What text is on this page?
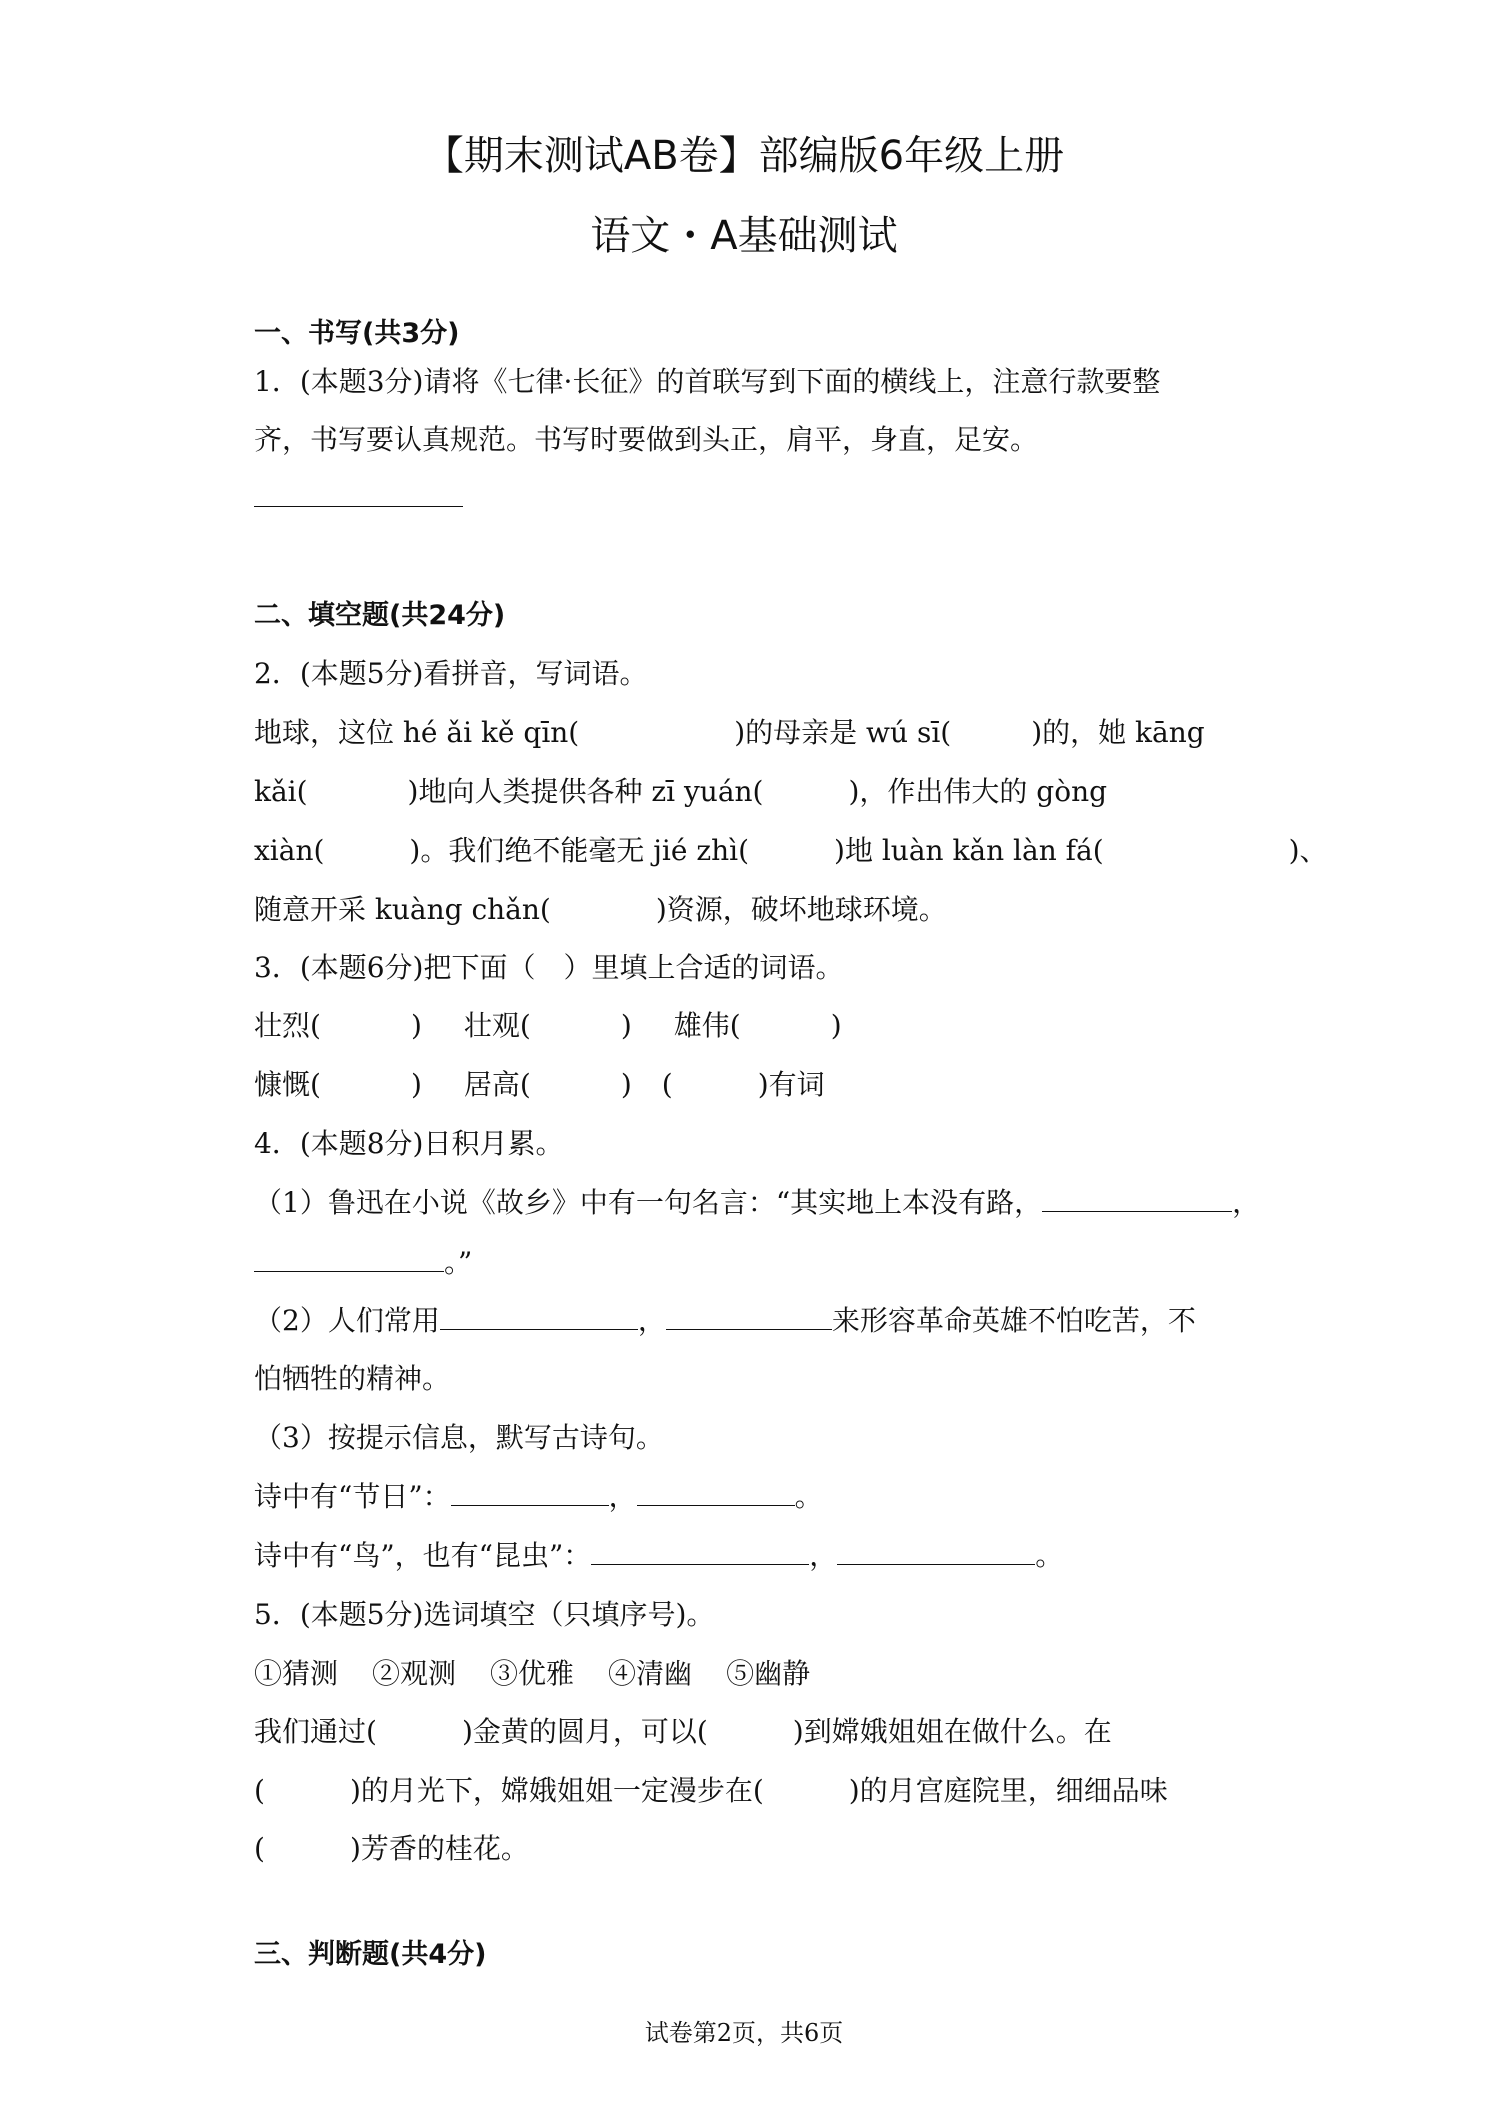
【期末测试AB卷】部编版6年级上册
语文・A基础测试
一、书写(共3分)
1．(本题3分)请将《七律·长征》的首联写到下面的横线上，注意行款要整
齐，书写要认真规范。书写时要做到头正，肩平，身直，足安。
二、填空题(共24分)
2．(本题5分)看拼音，写词语。
地球，这位 hé ǎi kě qīn(	)的母亲是 wú sī(	)的，她 kāng
kǎi(	)地向人类提供各种 zī yuán(	)，作出伟大的 gòng
xiàn(	)。我们绝不能毫无 jié zhì(	)地 luàn kǎn làn fá(	)、
随意开采 kuàng chǎn(	)资源，破坏地球环境。
3．(本题6分)把下面（　）里填上合适的词语。
壮烈(	) 壮观(	) 雄伟(	)
慷慨(	) 居高(	) (	)有词
4．(本题8分)日积月累。
（1）鲁迅在小说《故乡》中有一句名言：“其实地上本没有路，	，
。”
（2）人们常用	，	来形容革命英雄不怕吃苦，不
怕牺牲的精神。
（3）按提示信息，默写古诗句。
诗中有“节日”：	，	。
诗中有“鸟”，也有“昆虫”：	，	。
5．(本题5分)选词填空（只填序号)。
①猜测 ②观测 ③优雅 ④清幽 ⑤幽静
我们通过(	)金黄的圆月，可以(	)到嫦娥姐姐在做什么。在
(	)的月光下，嫦娥姐姐一定漫步在(	)的月宫庭院里，细细品味
(	)芳香的桂花。
三、判断题(共4分)
试卷第2页，共6页
